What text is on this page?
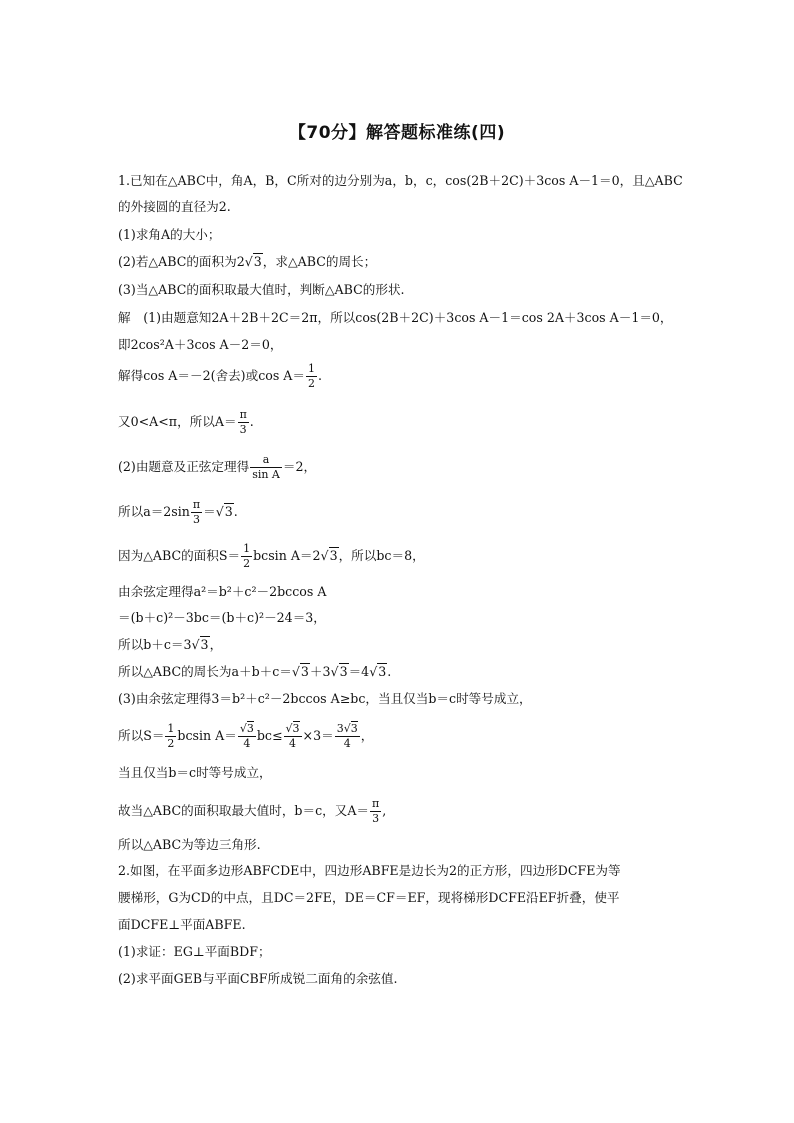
【70分】解答题标准练(四)
1.已知在△ABC中，角A，B，C所对的边分别为a，b，c，cos(2B＋2C)＋3cos A－1＝0，且△ABC
的外接圆的直径为2.
(1)求角A的大小；
(2)若△ABC的面积为2√3，求△ABC的周长；
(3)当△ABC的面积取最大值时，判断△ABC的形状.
解　(1)由题意知2A＋2B＋2C＝2π，所以cos(2B＋2C)＋3cos A－1＝cos 2A＋3cos A－1＝0，
即2cos²A＋3cos A－2＝0，
解得cos A＝－2(舍去)或$\cos A= \frac{1}{2}$ .
又0<A<π，所以$A= \frac{\pi}{3}$ .
(2)由题意及正弦定理得 $\frac{a}{\text{sin A}} =2$，
所以$a=2\sin \frac{\pi}{3} =√3$.
因为△ABC的面积$S= \frac{1}{2}$ bcsin A＝2√3，所以bc＝8，
由余弦定理得a²＝b²＋c²－2bccos A
＝(b＋c)²－3bc＝(b＋c)²－24＝3，
所以b＋c＝3√3，
所以△ABC的周长为a＋b＋c＝√3＋3√3＝4√3.
(3)由余弦定理得3＝b²＋c²－2bccos A≥bc，当且仅当b＝c时等号成立，
所以$S= \frac{1}{2}$ bcsin $A= \frac{√3}{4} bc\le \frac{√3}{4} \times 3= \frac{3√3}{4}$ ，
当且仅当b＝c时等号成立，
故当△ABC的面积取最大值时，b＝c，又$A= \frac{\pi}{3}$ ,
所以△ABC为等边三角形.
2.如图，在平面多边形ABFCDE中，四边形ABFE是边长为2的正方形，四边形DCFE为等
腰梯形，G为CD的中点，且DC＝2FE，DE＝CF＝EF，现将梯形DCFE沿EF折叠，使平
面DCFE⊥平面ABFE.
(1)求证：EG⊥平面BDF；
(2)求平面GEB与平面CBF所成锐二面角的余弦值.
